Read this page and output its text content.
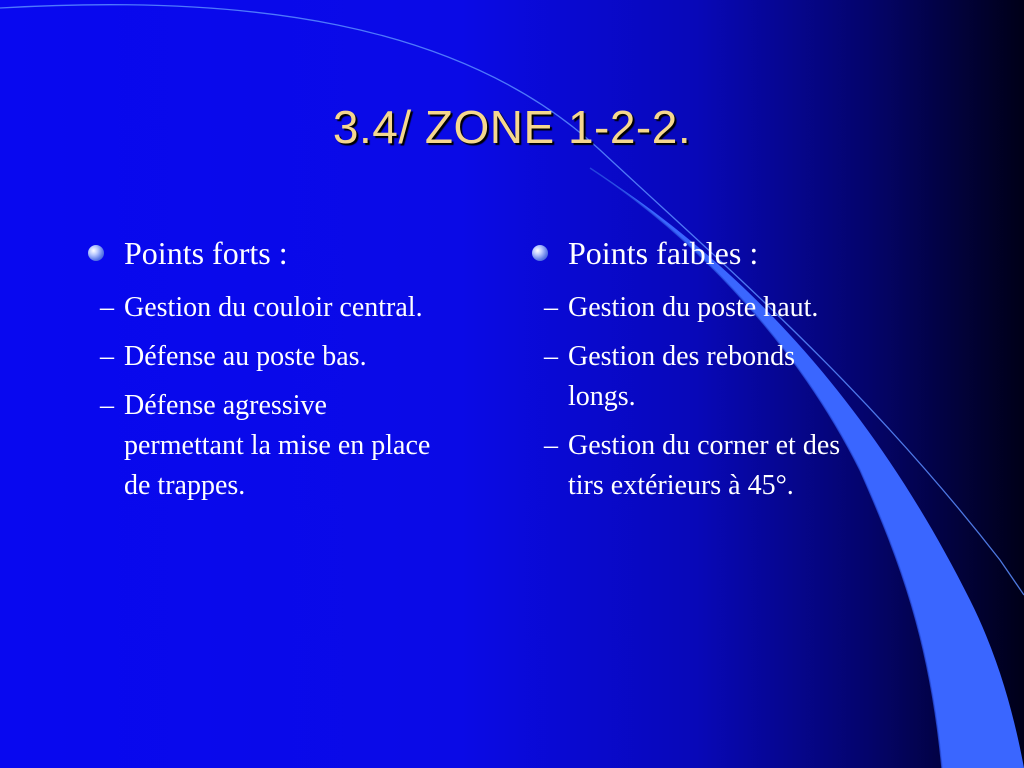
3.4/ ZONE 1-2-2.
Points forts :
– Gestion du couloir central.
– Défense au poste bas.
– Défense agressive permettant la mise en place de trappes.
Points faibles :
– Gestion du poste haut.
– Gestion des rebonds longs.
– Gestion du corner et des tirs extérieurs à 45°.
